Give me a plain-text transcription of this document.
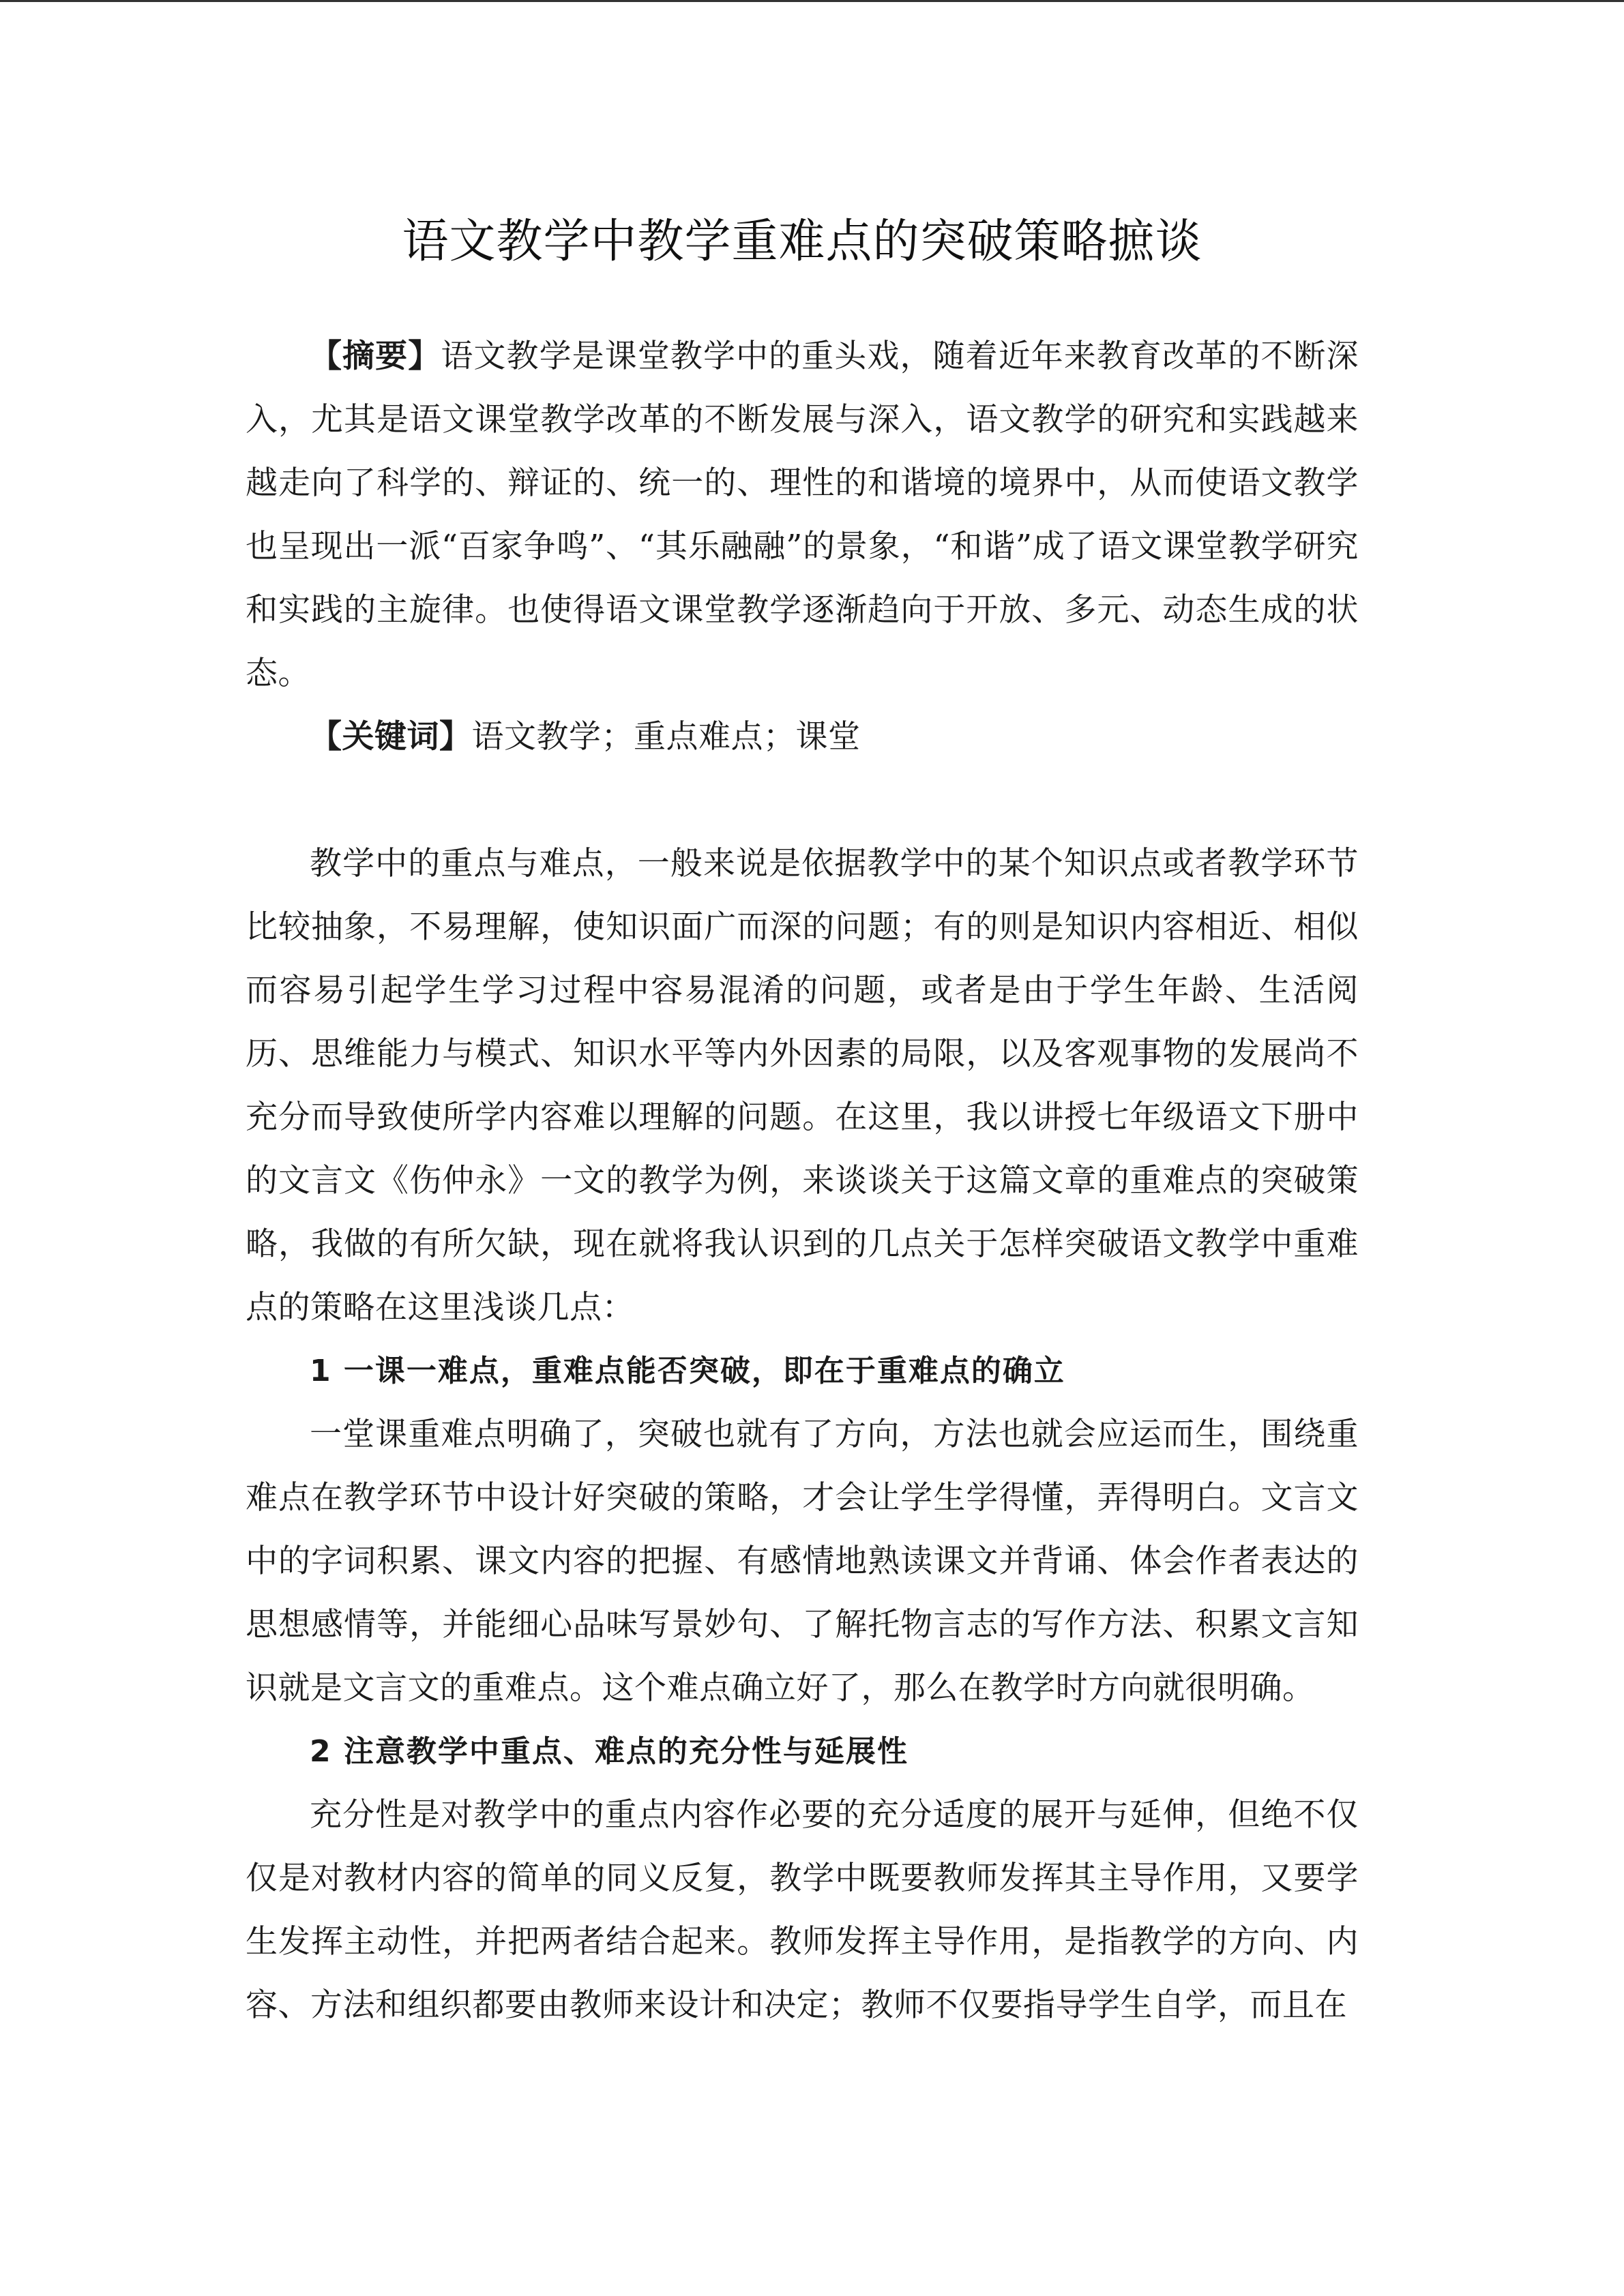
语文教学中教学重难点的突破策略摭谈

【摘要】语文教学是课堂教学中的重头戏，随着近年来教育改革的不断深入，尤其是语文课堂教学改革的不断发展与深入，语文教学的研究和实践越来越走向了科学的、辩证的、统一的、理性的和谐境的境界中，从而使语文教学也呈现出一派“百家争鸣”、“其乐融融”的景象，“和谐”成了语文课堂教学研究和实践的主旋律。也使得语文课堂教学逐渐趋向于开放、多元、动态生成的状态。

【关键词】语文教学；重点难点；课堂

教学中的重点与难点，一般来说是依据教学中的某个知识点或者教学环节比较抽象，不易理解，使知识面广而深的问题；有的则是知识内容相近、相似而容易引起学生学习过程中容易混淆的问题，或者是由于学生年龄、生活阅历、思维能力与模式、知识水平等内外因素的局限，以及客观事物的发展尚不充分而导致使所学内容难以理解的问题。在这里，我以讲授七年级语文下册中的文言文《伤仲永》一文的教学为例，来谈谈关于这篇文章的重难点的突破策略，我做的有所欠缺，现在就将我认识到的几点关于怎样突破语文教学中重难点的策略在这里浅谈几点：

1 一课一难点，重难点能否突破，即在于重难点的确立

一堂课重难点明确了，突破也就有了方向，方法也就会应运而生，围绕重难点在教学环节中设计好突破的策略，才会让学生学得懂，弄得明白。文言文中的字词积累、课文内容的把握、有感情地熟读课文并背诵、体会作者表达的思想感情等，并能细心品味写景妙句、了解托物言志的写作方法、积累文言知识就是文言文的重难点。这个难点确立好了，那么在教学时方向就很明确。

2 注意教学中重点、难点的充分性与延展性

充分性是对教学中的重点内容作必要的充分适度的展开与延伸，但绝不仅仅是对教材内容的简单的同义反复，教学中既要教师发挥其主导作用，又要学生发挥主动性，并把两者结合起来。教师发挥主导作用，是指教学的方向、内容、方法和组织都要由教师来设计和决定；教师不仅要指导学生自学，而且在
